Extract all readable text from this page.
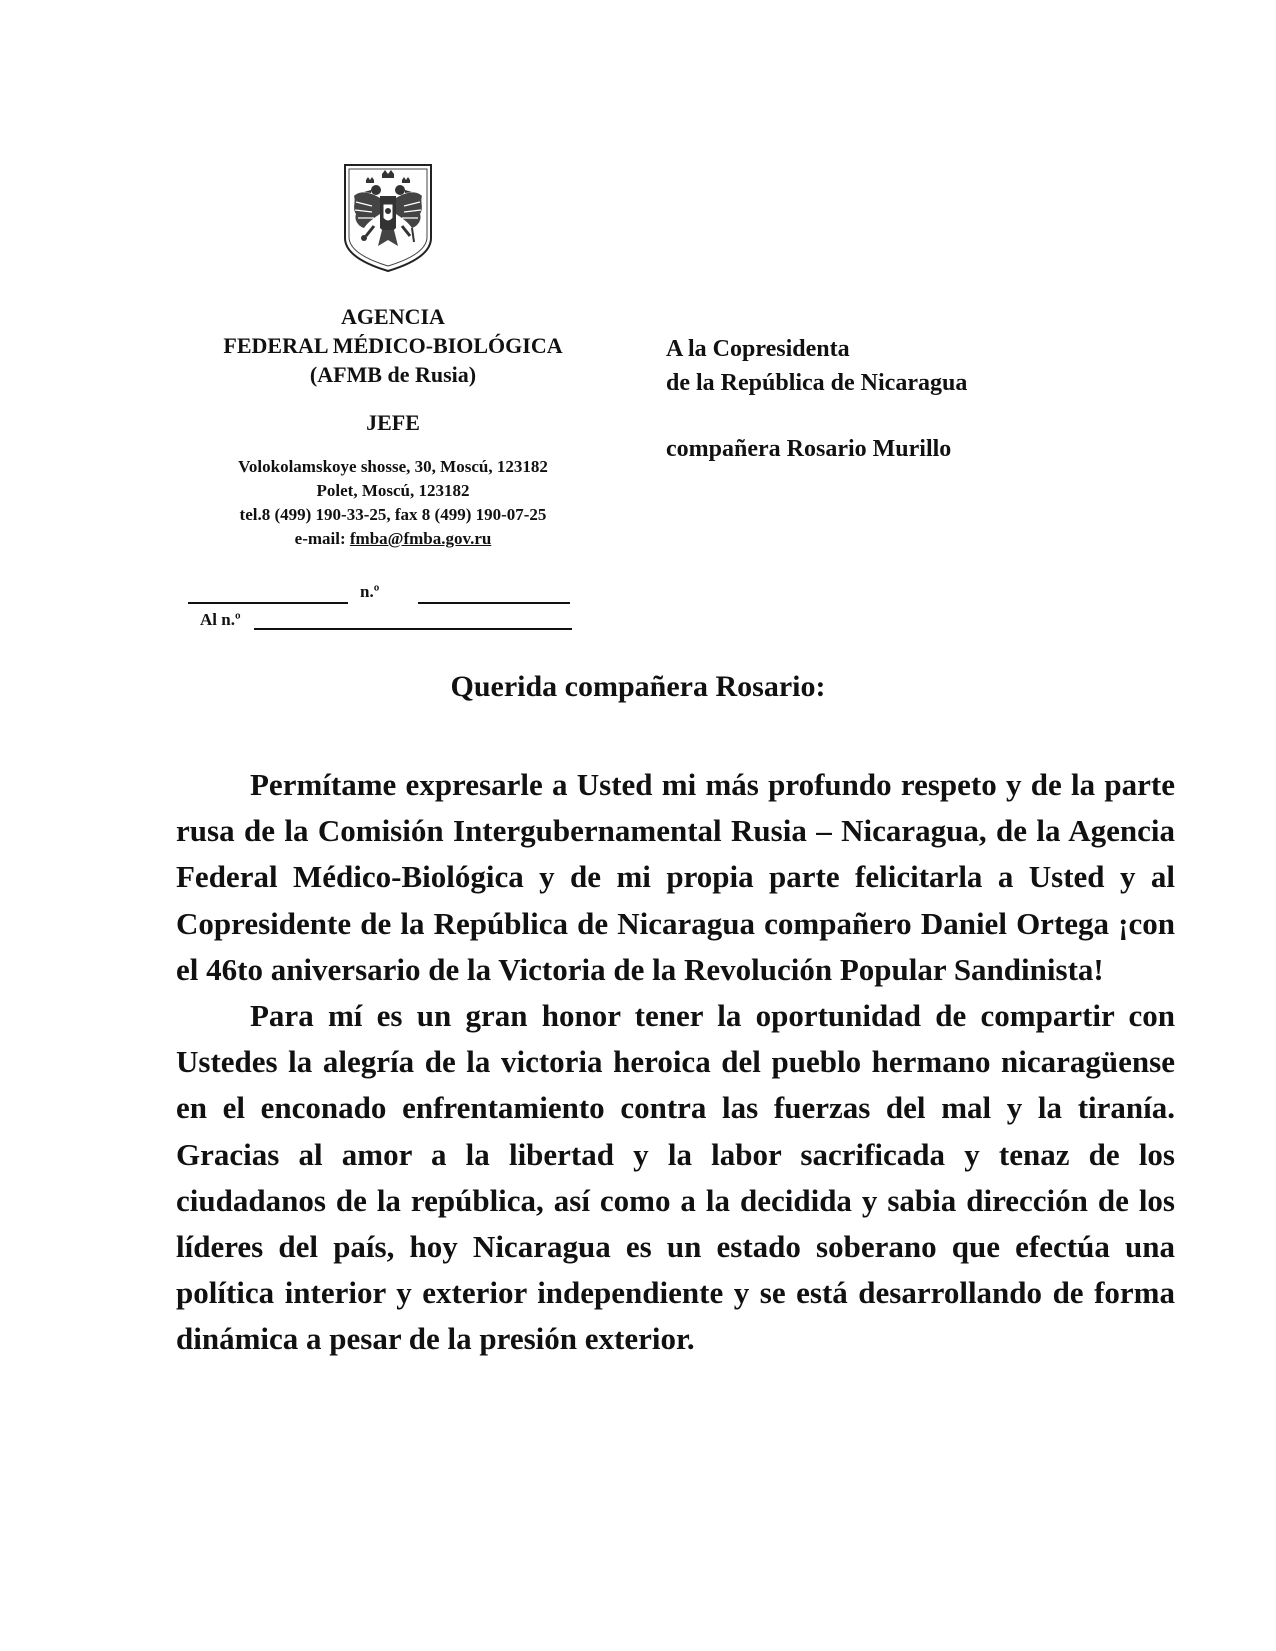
AGENCIA
FEDERAL MÉDICO-BIOLÓGICA
(AFMB de Rusia)
JEFE
Volokolamskoye shosse, 30, Moscú, 123182
Polet, Moscú, 123182
tel.8 (499) 190-33-25, fax 8 (499) 190-07-25
e-mail: fmba@fmba.gov.ru
n.º
Al n.º
A la Copresidenta
de la República de Nicaragua
compañera Rosario Murillo
Querida compañera Rosario:

Permítame expresarle a Usted mi más profundo respeto y de la parte rusa de la Comisión Intergubernamental Rusia – Nicaragua, de la Agencia Federal Médico-Biológica y de mi propia parte felicitarla a Usted y al Copresidente de la República de Nicaragua compañero Daniel Ortega ¡con el 46to aniversario de la Victoria de la Revolución Popular Sandinista!

Para mí es un gran honor tener la oportunidad de compartir con Ustedes la alegría de la victoria heroica del pueblo hermano nicaragüense en el enconado enfrentamiento contra las fuerzas del mal y la tiranía. Gracias al amor a la libertad y la labor sacrificada y tenaz de los ciudadanos de la república, así como a la decidida y sabia dirección de los líderes del país, hoy Nicaragua es un estado soberano que efectúa una política interior y exterior independiente y se está desarrollando de forma dinámica a pesar de la presión exterior.
